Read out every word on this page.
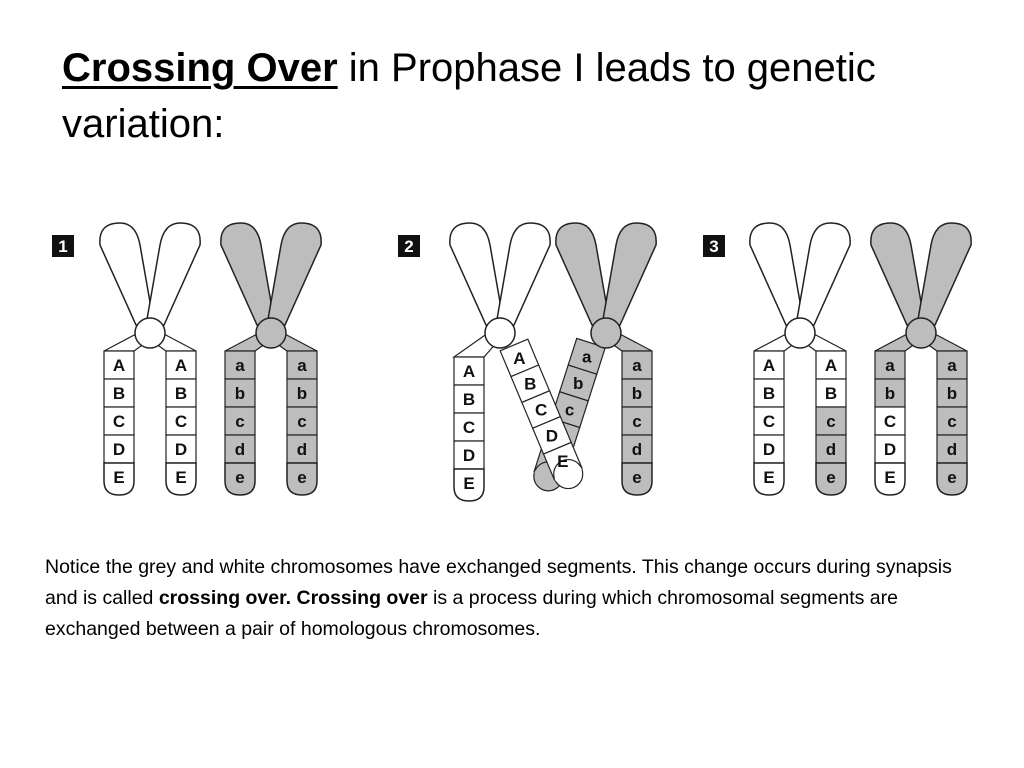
Crossing Over in Prophase I leads to genetic variation:
1
A
B
C
D
E
A
B
C
D
E
a
b
c
d
e
a
b
c
d
e
3
A
B
C
D
E
A
B
c
d
e
a
b
C
D
E
a
b
c
d
e
2
A
B
C
D
E
a
b
c
d
e
a
b
c
A
B
C
D
E

Notice the grey and white chromosomes have exchanged segments. This change occurs during synapsis and is called crossing over. Crossing over is a process during which chromosomal segments are exchanged between a pair of homologous chromosomes.
